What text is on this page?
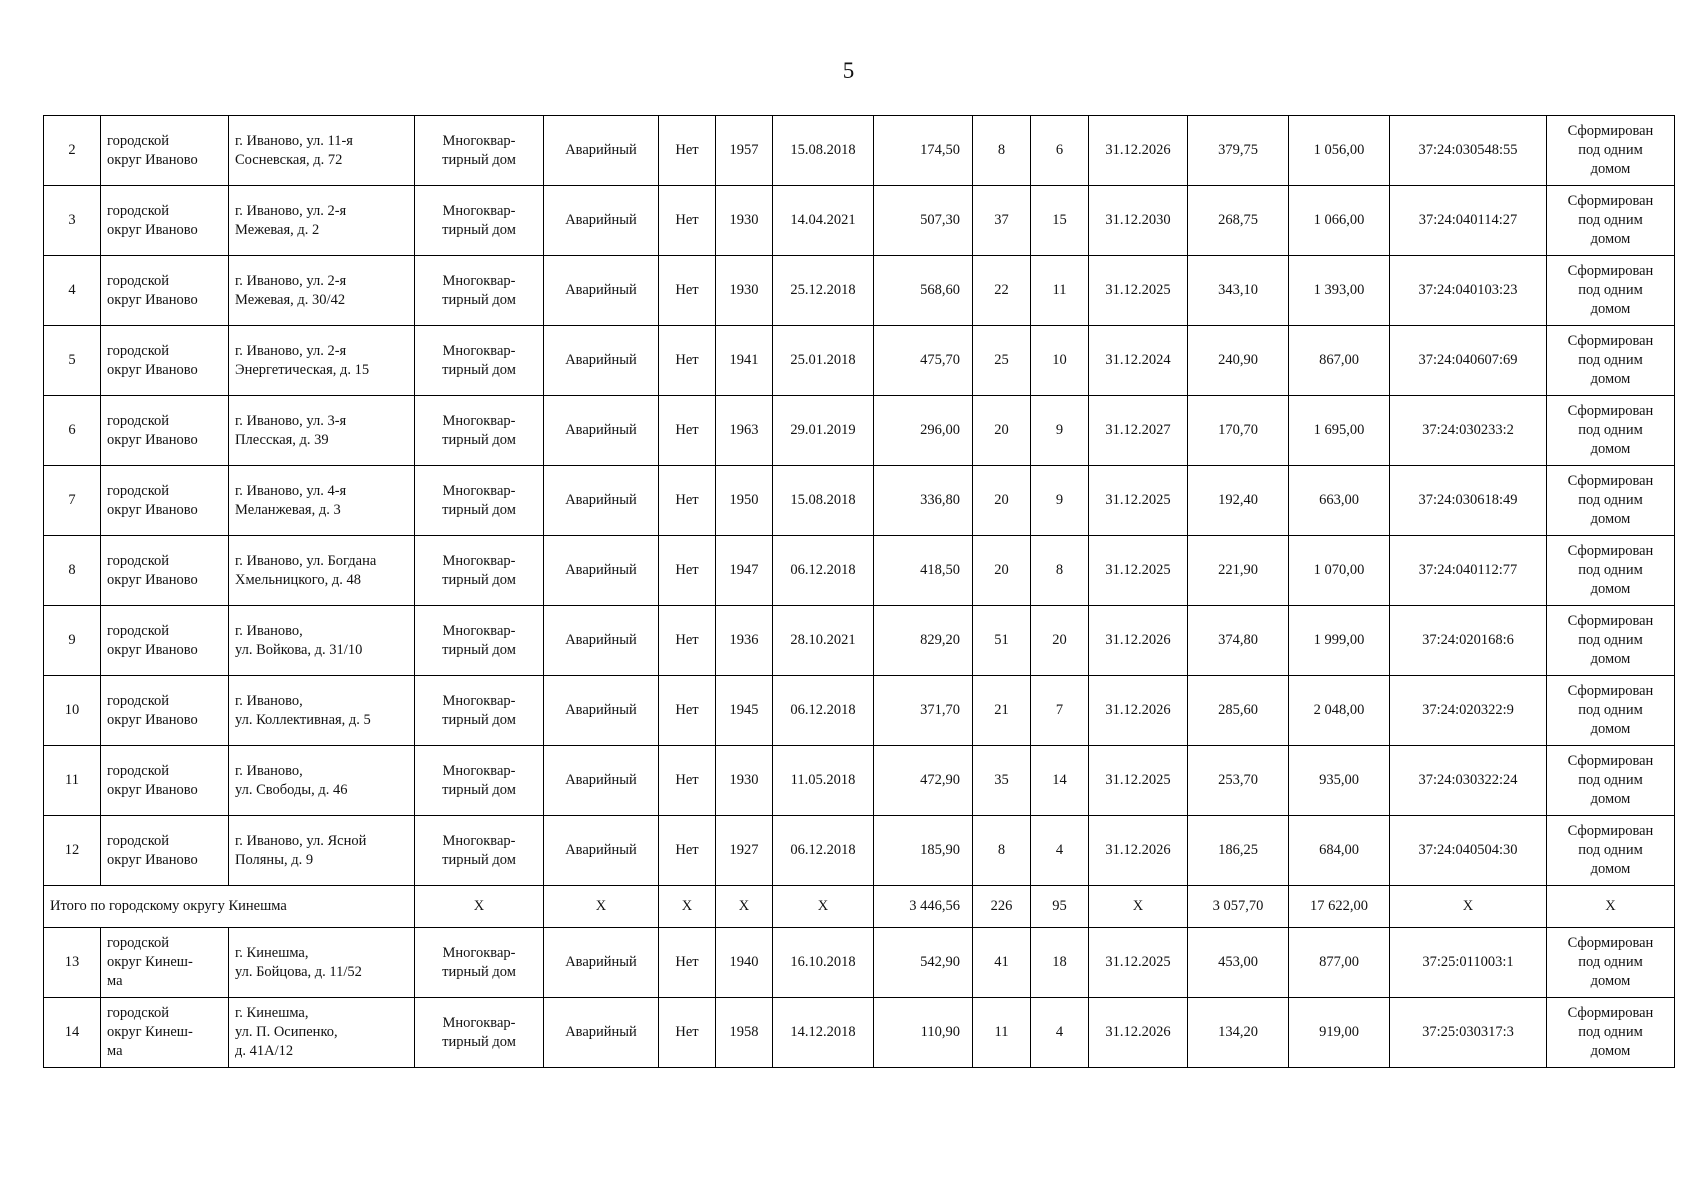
5
2	городской
округ Иваново	г. Иваново, ул. 11-я
Сосневская, д. 72	Многоквар-
тирный дом	Аварийный	Нет	1957	15.08.2018	174,50	8	6	31.12.2026	379,75	1 056,00	37:24:030548:55	Сформирован
под одним
домом
3	городской
округ Иваново	г. Иваново, ул. 2-я
Межевая, д. 2	Многоквар-
тирный дом	Аварийный	Нет	1930	14.04.2021	507,30	37	15	31.12.2030	268,75	1 066,00	37:24:040114:27	Сформирован
под одним
домом
4	городской
округ Иваново	г. Иваново, ул. 2-я
Межевая, д. 30/42	Многоквар-
тирный дом	Аварийный	Нет	1930	25.12.2018	568,60	22	11	31.12.2025	343,10	1 393,00	37:24:040103:23	Сформирован
под одним
домом
5	городской
округ Иваново	г. Иваново, ул. 2-я
Энергетическая, д. 15	Многоквар-
тирный дом	Аварийный	Нет	1941	25.01.2018	475,70	25	10	31.12.2024	240,90	867,00	37:24:040607:69	Сформирован
под одним
домом
6	городской
округ Иваново	г. Иваново, ул. 3-я
Плесская, д. 39	Многоквар-
тирный дом	Аварийный	Нет	1963	29.01.2019	296,00	20	9	31.12.2027	170,70	1 695,00	37:24:030233:2	Сформирован
под одним
домом
7	городской
округ Иваново	г. Иваново, ул. 4-я
Меланжевая, д. 3	Многоквар-
тирный дом	Аварийный	Нет	1950	15.08.2018	336,80	20	9	31.12.2025	192,40	663,00	37:24:030618:49	Сформирован
под одним
домом
8	городской
округ Иваново	г. Иваново, ул. Богдана
Хмельницкого, д. 48	Многоквар-
тирный дом	Аварийный	Нет	1947	06.12.2018	418,50	20	8	31.12.2025	221,90	1 070,00	37:24:040112:77	Сформирован
под одним
домом
9	городской
округ Иваново	г. Иваново,
ул. Войкова, д. 31/10	Многоквар-
тирный дом	Аварийный	Нет	1936	28.10.2021	829,20	51	20	31.12.2026	374,80	1 999,00	37:24:020168:6	Сформирован
под одним
домом
10	городской
округ Иваново	г. Иваново,
ул. Коллективная, д. 5	Многоквар-
тирный дом	Аварийный	Нет	1945	06.12.2018	371,70	21	7	31.12.2026	285,60	2 048,00	37:24:020322:9	Сформирован
под одним
домом
11	городской
округ Иваново	г. Иваново,
ул. Свободы, д. 46	Многоквар-
тирный дом	Аварийный	Нет	1930	11.05.2018	472,90	35	14	31.12.2025	253,70	935,00	37:24:030322:24	Сформирован
под одним
домом
12	городской
округ Иваново	г. Иваново, ул. Ясной
Поляны, д. 9	Многоквар-
тирный дом	Аварийный	Нет	1927	06.12.2018	185,90	8	4	31.12.2026	186,25	684,00	37:24:040504:30	Сформирован
под одним
домом
Итого по городскому округу Кинешма			X	X	X	X	X	3 446,56	226	95	X	3 057,70	17 622,00	X	X
13	городской
округ Кинеш-
ма	г. Кинешма,
ул. Бойцова, д. 11/52	Многоквар-
тирный дом	Аварийный	Нет	1940	16.10.2018	542,90	41	18	31.12.2025	453,00	877,00	37:25:011003:1	Сформирован
под одним
домом
14	городской
округ Кинеш-
ма	г. Кинешма,
ул. П. Осипенко,
д. 41А/12	Многоквар-
тирный дом	Аварийный	Нет	1958	14.12.2018	110,90	11	4	31.12.2026	134,20	919,00	37:25:030317:3	Сформирован
под одним
домом
